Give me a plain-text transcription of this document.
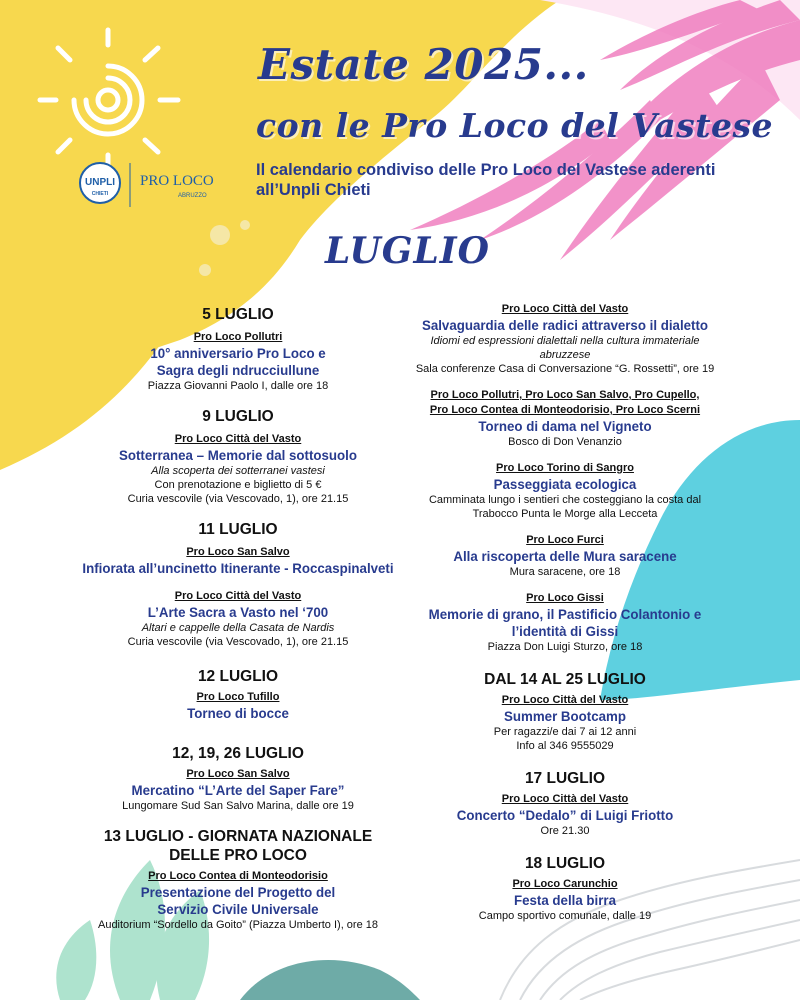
UNPLI
CHIETI
PRO LOCO
ABRUZZO
Estate 2025...
con le Pro Loco del Vastese
Il calendario condiviso delle Pro Loco del Vastese aderenti all’Unpli Chieti
LUGLIO
5 LUGLIO
Pro Loco Pollutri
10° anniversario Pro Loco e
Sagra degli ndrucciullune
Piazza Giovanni Paolo I, dalle ore 18
9 LUGLIO
Pro Loco Città del Vasto
Sotterranea – Memorie dal sottosuolo
Alla scoperta dei sotterranei vastesi
Con prenotazione e biglietto di 5 €
Curia vescovile (via Vescovado, 1), ore 21.15
11 LUGLIO
Pro Loco San Salvo
Infiorata all’uncinetto Itinerante - Roccaspinalveti
Pro Loco Città del Vasto
L’Arte Sacra a Vasto nel ‘700
Altari e cappelle della Casata de Nardis
Curia vescovile (via Vescovado, 1), ore 21.15
12 LUGLIO
Pro Loco Tufillo
Torneo di bocce
12, 19, 26 LUGLIO
Pro Loco San Salvo
Mercatino “L’Arte del Saper Fare”
Lungomare Sud San Salvo Marina, dalle ore 19
13 LUGLIO - GIORNATA NAZIONALE
DELLE PRO LOCO
Pro Loco Contea di Monteodorisio
Presentazione del Progetto del
Servizio Civile Universale
Auditorium “Sordello da Goito” (Piazza Umberto I), ore 18
Pro Loco Città del Vasto
Salvaguardia delle radici attraverso il dialetto
Idiomi ed espressioni dialettali nella cultura immateriale
abruzzese
Sala conferenze Casa di Conversazione “G. Rossetti”, ore 19
Pro Loco Pollutri, Pro Loco San Salvo, Pro Cupello,
Pro Loco Contea di Monteodorisio, Pro Loco Scerni
Torneo di dama nel Vigneto
Bosco di Don Venanzio
Pro Loco Torino di Sangro
Passeggiata ecologica
Camminata lungo i sentieri che costeggiano la costa dal
Trabocco Punta le Morge alla Lecceta
Pro Loco Furci
Alla riscoperta delle Mura saracene
Mura saracene, ore 18
Pro Loco Gissi
Memorie di grano, il Pastificio Colantonio e
l’identità di Gissi
Piazza Don Luigi Sturzo, ore 18
DAL 14 AL 25 LUGLIO
Pro Loco Città del Vasto
Summer Bootcamp
Per ragazzi/e dai 7 ai 12 anni
Info al 346 9555029
17 LUGLIO
Pro Loco Città del Vasto
Concerto “Dedalo” di Luigi Friotto
Ore 21.30
18 LUGLIO
Pro Loco Carunchio
Festa della birra
Campo sportivo comunale, dalle 19
